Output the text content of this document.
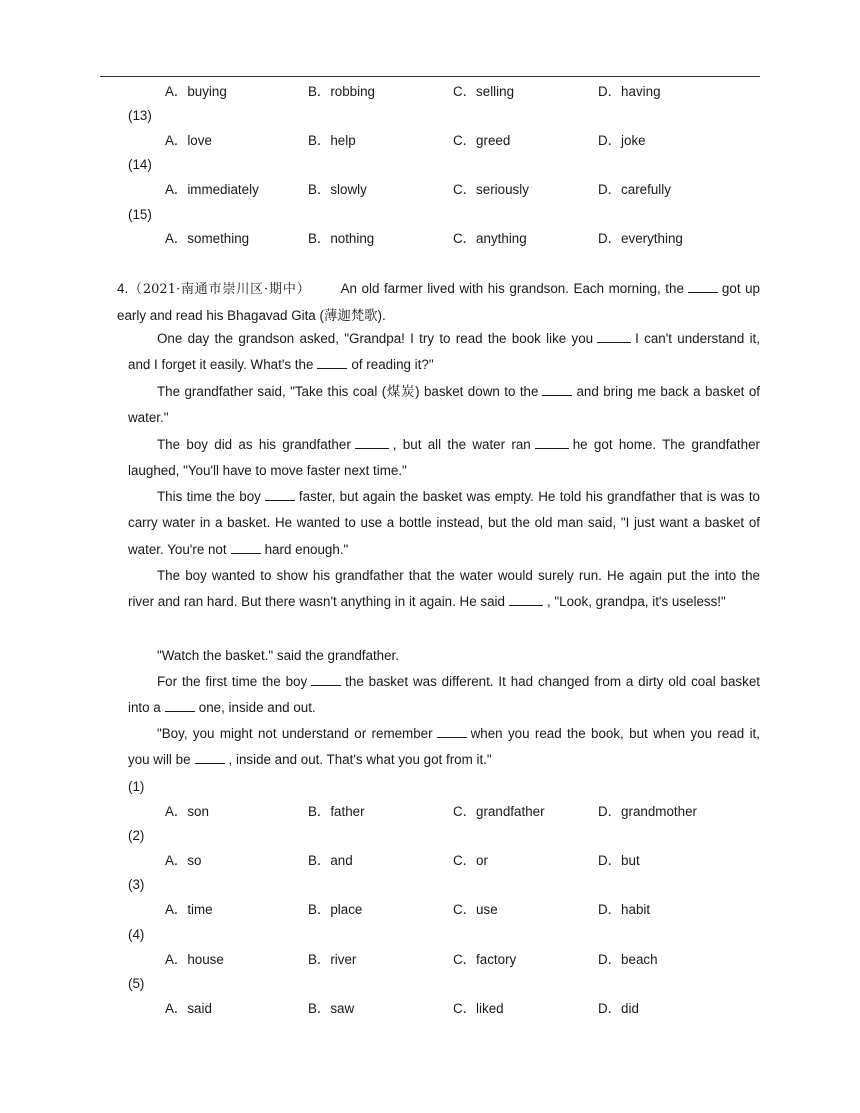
A．buying	B．robbing	C．selling	D．having
(13)
A．love	B．help	C．greed	D．joke
(14)
A．immediately	B．slowly	C．seriously	D．carefully
(15)
A．something	B．nothing	C．anything	D．everything
4.（2021·南通市崇川区·期中） An old farmer lived with his grandson. Each morning, the	got up early and read his Bhagavad Gita (薄迦梵歌).
One day the grandson asked, "Grandpa! I try to read the book like you	I can't understand it, and I forget it easily. What's the	of reading it?"
The grandfather said, "Take this coal (煤炭) basket down to the	and bring me back a basket of water."
The boy did as his grandfather	, but all the water ran	he got home. The grandfather laughed, "You'll have to move faster next time."
This time the boy	faster, but again the basket was empty. He told his grandfather that is was to carry water in a basket. He wanted to use a bottle instead, but the old man said, "I just want a basket of water. You're not	hard enough."
The boy wanted to show his grandfather that the water would surely run. He again put the into the river and ran hard. But there wasn't anything in it again. He said	, "Look, grandpa, it's useless!"
"Watch the basket." said the grandfather.
For the first time the boy	the basket was different. It had changed from a dirty old coal basket into a	one, inside and out.
"Boy, you might not understand or remember	when you read the book, but when you read it, you will be	, inside and out. That's what you got from it."
(1)
A．son	B．father	C．grandfather	D．grandmother
(2)
A．so	B．and	C．or	D．but
(3)
A．time	B．place	C．use	D．habit
(4)
A．house	B．river	C．factory	D．beach
(5)
A．said	B．saw	C．liked	D．did
